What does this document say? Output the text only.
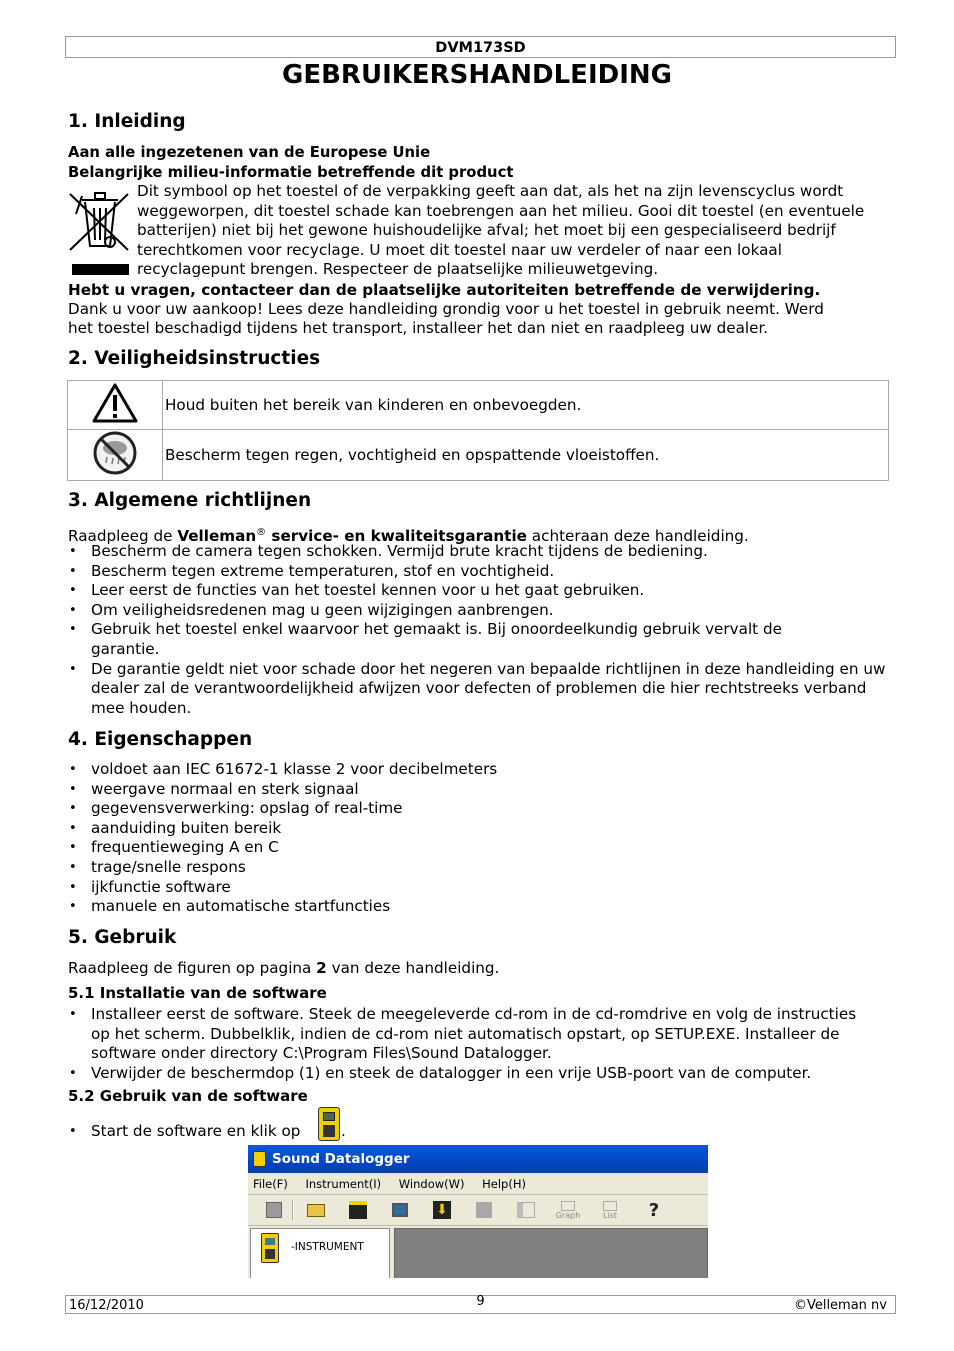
DVM173SD
GEBRUIKERSHANDLEIDING
1. Inleiding
Aan alle ingezetenen van de Europese Unie
Belangrijke milieu-informatie betreffende dit product
Dit symbool op het toestel of de verpakking geeft aan dat, als het na zijn levenscyclus wordt weggeworpen, dit toestel schade kan toebrengen aan het milieu. Gooi dit toestel (en eventuele batterijen) niet bij het gewone huishoudelijke afval; het moet bij een gespecialiseerd bedrijf terechtkomen voor recyclage. U moet dit toestel naar uw verdeler of naar een lokaal recyclagepunt brengen. Respecteer de plaatselijke milieuwetgeving.
Hebt u vragen, contacteer dan de plaatselijke autoriteiten betreffende de verwijdering.
Dank u voor uw aankoop! Lees deze handleiding grondig voor u het toestel in gebruik neemt. Werd
het toestel beschadigd tijdens het transport, installeer het dan niet en raadpleeg uw dealer.
2. Veiligheidsinstructies
	Houd buiten het bereik van kinderen en onbevoegden.
	Bescherm tegen regen, vochtigheid en opspattende vloeistoffen.
3. Algemene richtlijnen
Raadpleeg de Velleman® service- en kwaliteitsgarantie achteraan deze handleiding.
• Bescherm de camera tegen schokken. Vermijd brute kracht tijdens de bediening.
• Bescherm tegen extreme temperaturen, stof en vochtigheid.
• Leer eerst de functies van het toestel kennen voor u het gaat gebruiken.
• Om veiligheidsredenen mag u geen wijzigingen aanbrengen.
• Gebruik het toestel enkel waarvoor het gemaakt is. Bij onoordeelkundig gebruik vervalt de garantie.
• De garantie geldt niet voor schade door het negeren van bepaalde richtlijnen in deze handleiding en uw dealer zal de verantwoordelijkheid afwijzen voor defecten of problemen die hier rechtstreeks verband mee houden.
4. Eigenschappen
• voldoet aan IEC 61672-1 klasse 2 voor decibelmeters
• weergave normaal en sterk signaal
• gegevensverwerking: opslag of real-time
• aanduiding buiten bereik
• frequentieweging A en C
• trage/snelle respons
• ijkfunctie software
• manuele en automatische startfuncties
5. Gebruik
Raadpleeg de figuren op pagina 2 van deze handleiding.
5.1 Installatie van de software
• Installeer eerst de software. Steek de meegeleverde cd-rom in de cd-romdrive en volg de instructies op het scherm. Dubbelklik, indien de cd-rom niet automatisch opstart, op SETUP.EXE. Installeer de software onder directory C:\Program Files\Sound Datalogger.
• Verwijder de beschermdop (1) en steek de datalogger in een vrije USB-poort van de computer.
5.2 Gebruik van de software
• Start de software en klik op	.
Sound Datalogger
File(F) Instrument(I) Window(W) Help(H)
⬇	Graph	List	?
-INSTRUMENT
16/12/2010	9	©Velleman nv
